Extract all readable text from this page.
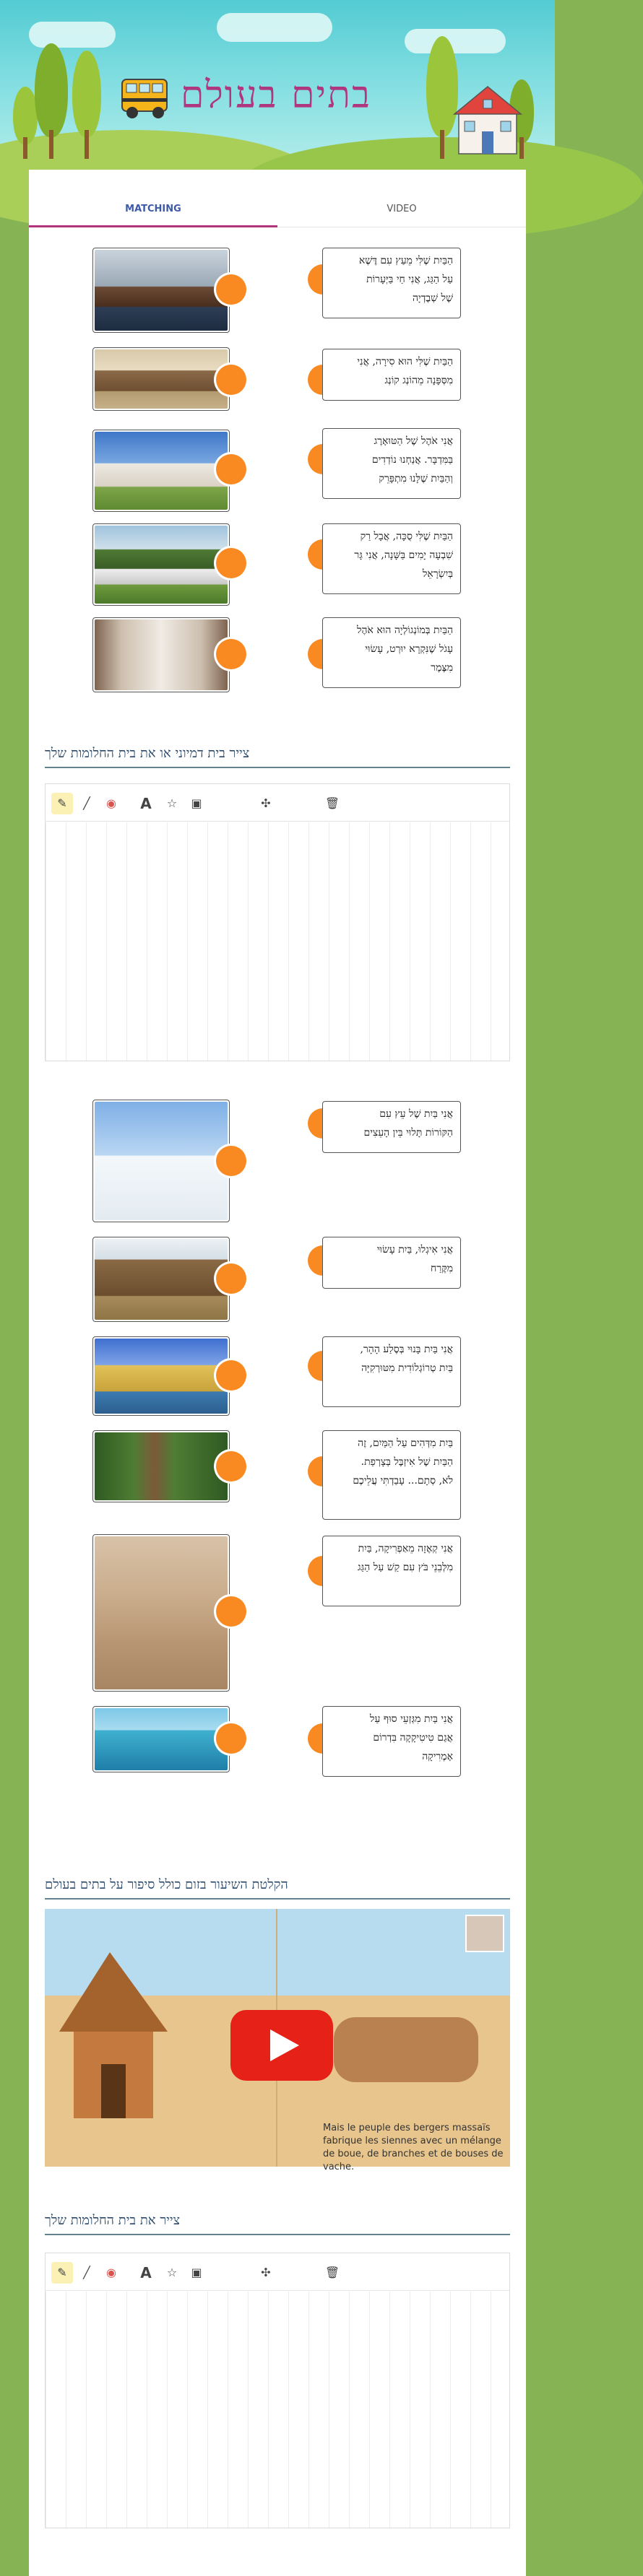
בתים בעולם
MATCHING	VIDEO
הַבַּיִת שֶׁלִּי מֵעַץ עִם דֶּשֶׁא עַל הַגַּג, אֲנִי חַי בַּיְּעָרוֹת שֶׁל שְׁבֶדְיָה
הַבַּיִת שֶׁלִּי הוּא סִירָה, אֲנִי מִסְּפָּנָה מֵהוֹנְג קוֹנְג
אֲנִי אֹהֶל שֶׁל הַטּוּאָרֶג בַּמִּדְבָּר. אֲנַחְנוּ נוֹדְדִים וְהַבַּיִת שֶׁלָּנוּ מִתְפָּרֵק
הַבַּיִת שֶׁלִּי סֻכָּה, אֲבָל רַק שִׁבְעָה יָמִים בַּשָּׁנָה, אֲנִי גָּר בְּיִשְׂרָאֵל
הַבַּיִת בְּמוֹנְגוֹלְיָה הוּא אֹהֶל עָגֹל שֶׁנִּקְרָא יוּרְט, עָשׂוּי מִצֶּמֶר
צייר בית דמיוני או את בית החלומות שלך
✎	╱	◉	A	☆	▣	✣	🗑
אֲנִי בַּיִת שֶׁל עֵץ עִם הַקּוֹרוֹת תָּלוּי בֵּין הָעֵצִים
אֲנִי אִיגְלוּ, בַּיִת עָשׂוּי מִקֶּרַח
אֲנִי בַּיִת בָּנוּי בְּסֶלַע הָהָר, בַּיִת טְרוֹגְלוֹדִית מִטּוּרְקִיָּה
בַּיִת מִדְּהִים עַל הַמַּיִם, זֶה הַבַּיִת שֶׁל אִיזְבֶּל בְּצָרְפַת. לֹא, סְתָם... עָבַדְתִּי עֲלֵיכֶם
אֲנִי קְאֶזָה מֵאַפְרִיקָה, בַּיִת מִלְּבֵנֵי בֹּץ עִם קַשׁ עַל הַגַּג
אֲנִי בַּיִת מִגְּזְעֵי סוּף עַל אֲגַם טִיטִיקָקָה בִּדְרוֹם אָמֶרִיקָה
הקלטת השיעור בזום כולל סיפור על בתים בעולם
Mais le peuple des bergers massaïs fabrique les siennes avec un mélange de boue, de branches et de bouses de vache.
צייר את בית החלומות שלך
✎	╱	◉	A	☆	▣	✣	🗑
